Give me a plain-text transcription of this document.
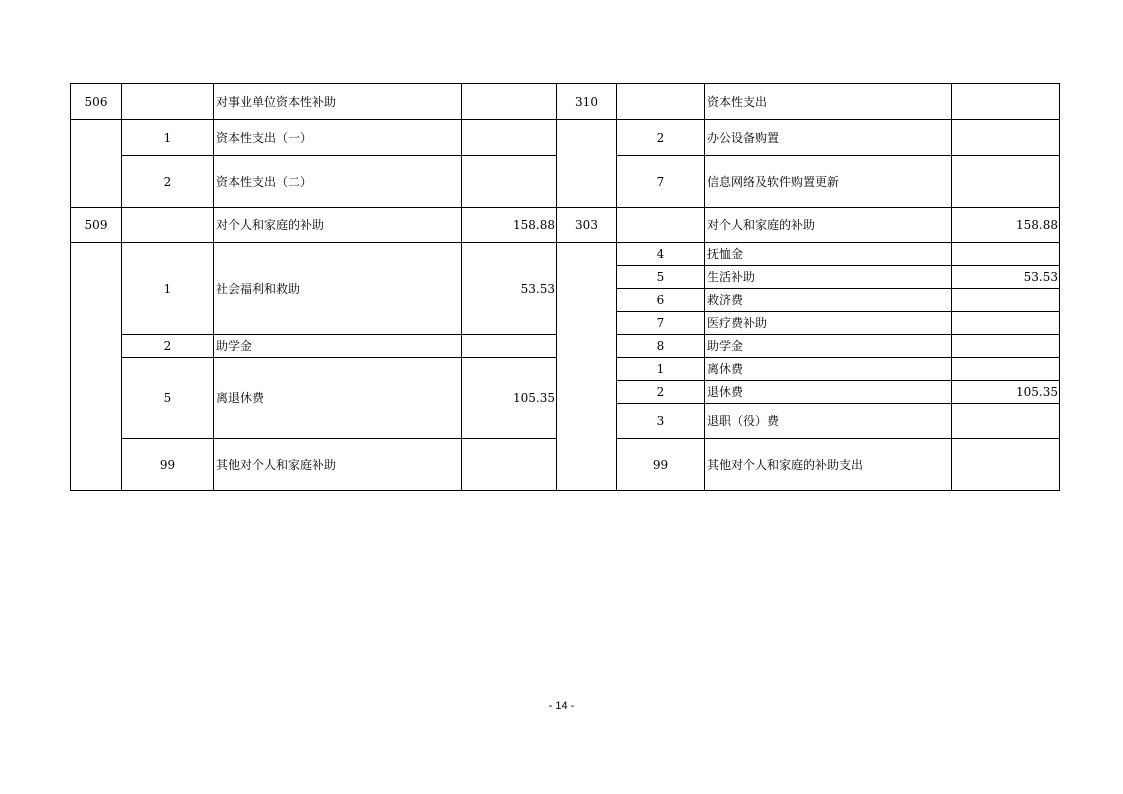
506		对事业单位资本性补助		310		资本性支出	
	1	资本性支出（一）			2	办公设备购置	
	2	资本性支出（二）			7	信息网络及软件购置更新	
509		对个人和家庭的补助	158.88	303		对个人和家庭的补助	158.88
	1	社会福利和救助	53.53		4	抚恤金	
					5	生活补助	53.53
					6	救济费	
					7	医疗费补助	
	2	助学金			8	助学金	
	5	离退休费	105.35		1	离休费	
					2	退休费	105.35
					3	退职（役）费	
	99	其他对个人和家庭补助			99	其他对个人和家庭的补助支出	
- 14 -
